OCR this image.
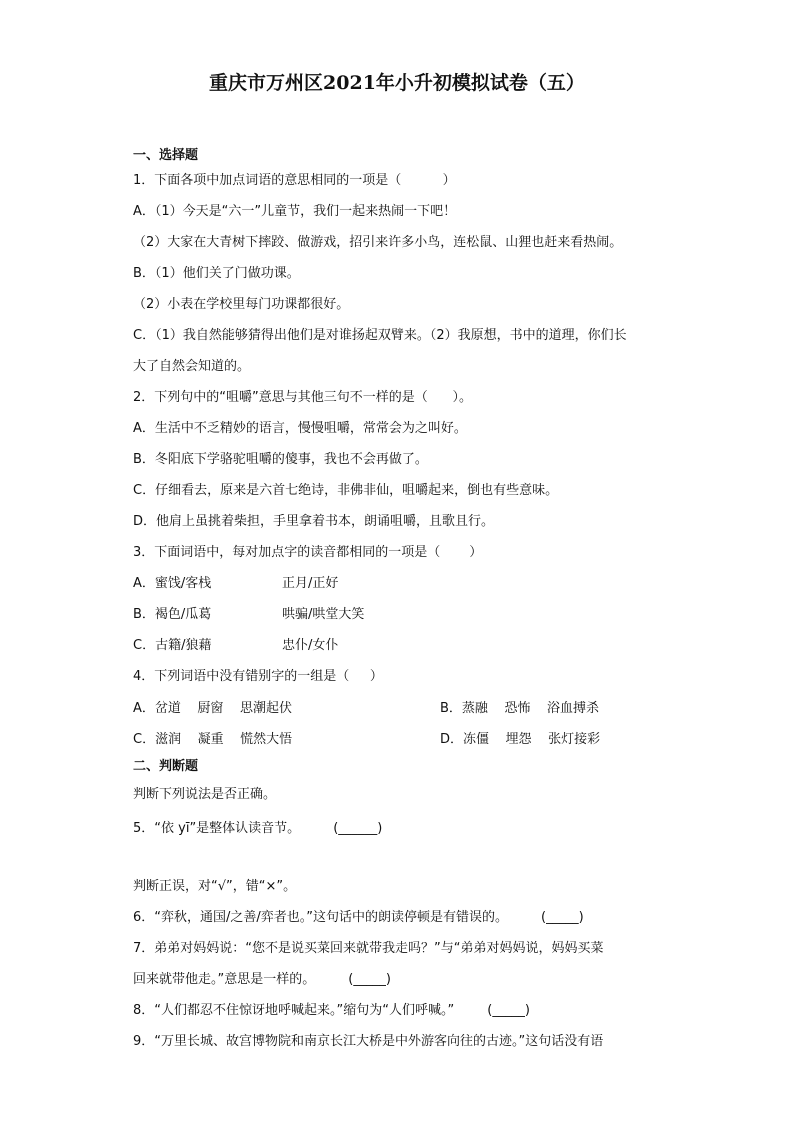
重庆市万州区2021年小升初模拟试卷（五）
一、选择题
1．下面各项中加点词语的意思相同的一项是（          ）
A．（1）今天是“六一”儿童节，我们一起来热闹一下吧！
（2）大家在大青树下摔跤、做游戏，招引来许多小鸟，连松鼠、山狸也赶来看热闹。
B．（1）他们关了门做功课。
（2）小表在学校里每门功课都很好。
C．（1）我自然能够猜得出他们是对谁扬起双臂来。（2）我原想，书中的道理，你们长
大了自然会知道的。
2．下列句中的“咀嚼”意思与其他三句不一样的是（      ）。
A．生活中不乏精妙的语言，慢慢咀嚼，常常会为之叫好。
B．冬阳底下学骆驼咀嚼的傻事，我也不会再做了。
C．仔细看去，原来是六首七绝诗，非佛非仙，咀嚼起来，倒也有些意味。
D．他肩上虽挑着柴担，手里拿着书本，朗诵咀嚼，且歌且行。
3．下面词语中，每对加点字的读音都相同的一项是（       ）
4．下列词语中没有错别字的一组是（     ）
二、判断题
判断下列说法是否正确。
5．“依 yī”是整体认读音节。        (______)
判断正误，对“√”，错“×”。
6．“弈秋，通国/之善/弈者也。”这句话中的朗读停顿是有错误的。        (_____)
7．弟弟对妈妈说：“您不是说买菜回来就带我走吗？”与“弟弟对妈妈说，妈妈买菜
回来就带他走。”意思是一样的。        (_____)
8．“人们都忍不住惊讶地呼喊起来。”缩句为“人们呼喊。”        (_____)
9．“万里长城、故宫博物院和南京长江大桥是中外游客向往的古迹。”这句话没有语
A．蜜饯/客栈	正月/正好
B．褐色/瓜葛	哄骗/哄堂大笑
C．古籍/狼藉	忠仆/女仆
A．岔道    厨窗    思潮起伏	B．蒸融    恐怖    浴血搏杀
C．滋润    凝重    慌然大悟	D．冻僵    埋怨    张灯接彩
